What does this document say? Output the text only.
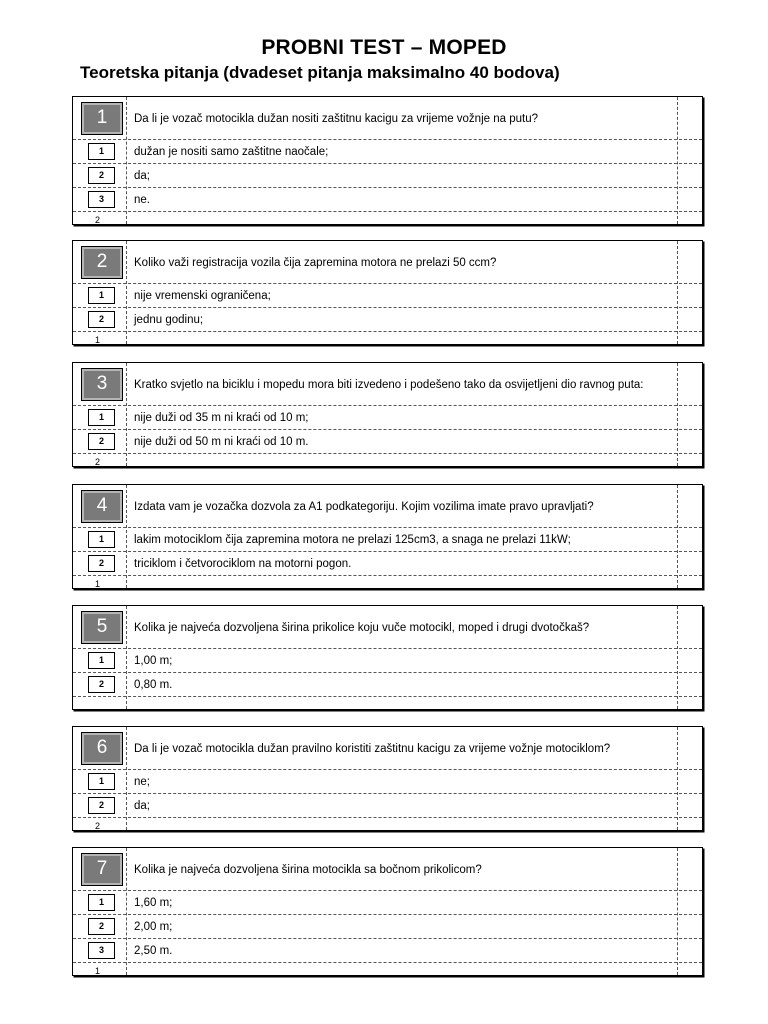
PROBNI TEST – MOPED
Teoretska pitanja (dvadeset pitanja maksimalno 40 bodova)
1	Da li je vozač motocikla dužan nositi zaštitnu kacigu za vrijeme vožnje na putu?
1	dužan je nositi samo zaštitne naočale;
2	da;
3	ne.
2
2	Koliko važi registracija vozila čija zapremina motora ne prelazi 50 ccm?
1	nije vremenski ograničena;
2	jednu godinu;
1
3	Kratko svjetlo na biciklu i mopedu mora biti izvedeno i podešeno tako da osvijetljeni dio ravnog puta:
1	nije duži od 35 m ni kraći od 10 m;
2	nije duži od 50 m ni kraći od 10 m.
2
4	Izdata vam je vozačka dozvola za A1 podkategoriju. Kojim vozilima imate pravo upravljati?
1	lakim motociklom čija zapremina motora ne prelazi 125cm3, a snaga ne prelazi 11kW;
2	triciklom i četvorociklom na motorni pogon.
1
5	Kolika je najveća dozvoljena širina prikolice koju vuče motocikl, moped i drugi dvotočkaš?
1	1,00 m;
2	0,80 m.
6	Da li je vozač motocikla dužan pravilno koristiti zaštitnu kacigu za vrijeme vožnje motociklom?
1	ne;
2	da;
2
7	Kolika je najveća dozvoljena širina motocikla sa bočnom prikolicom?
1	1,60 m;
2	2,00 m;
3	2,50 m.
1
